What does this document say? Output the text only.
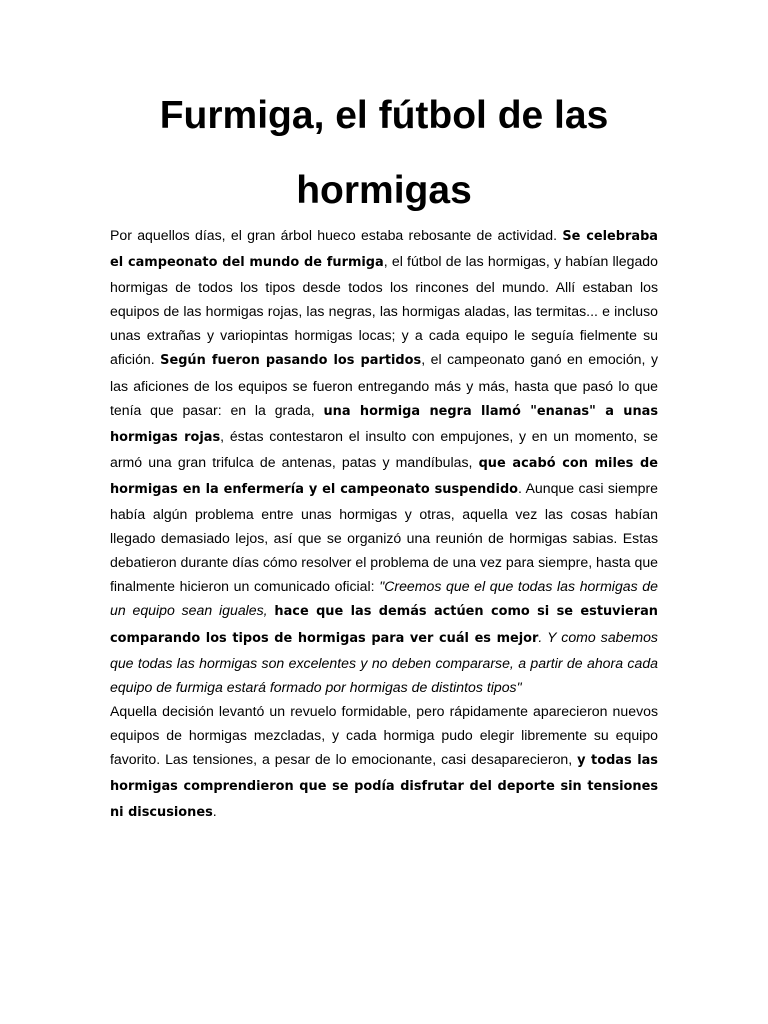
Furmiga, el fútbol de las hormigas

Por aquellos días, el gran árbol hueco estaba rebosante de actividad. Se celebraba el campeonato del mundo de furmiga, el fútbol de las hormigas, y habían llegado hormigas de todos los tipos desde todos los rincones del mundo. Allí estaban los equipos de las hormigas rojas, las negras, las hormigas aladas, las termitas... e incluso unas extrañas y variopintas hormigas locas; y a cada equipo le seguía fielmente su afición. Según fueron pasando los partidos, el campeonato ganó en emoción, y las aficiones de los equipos se fueron entregando más y más, hasta que pasó lo que tenía que pasar: en la grada, una hormiga negra llamó "enanas" a unas hormigas rojas, éstas contestaron el insulto con empujones, y en un momento, se armó una gran trifulca de antenas, patas y mandíbulas, que acabó con miles de hormigas en la enfermería y el campeonato suspendido. Aunque casi siempre había algún problema entre unas hormigas y otras, aquella vez las cosas habían llegado demasiado lejos, así que se organizó una reunión de hormigas sabias. Estas debatieron durante días cómo resolver el problema de una vez para siempre, hasta que finalmente hicieron un comunicado oficial: "Creemos que el que todas las hormigas de un equipo sean iguales, hace que las demás actúen como si se estuvieran comparando los tipos de hormigas para ver cuál es mejor. Y como sabemos que todas las hormigas son excelentes y no deben compararse, a partir de ahora cada equipo de furmiga estará formado por hormigas de distintos tipos"

Aquella decisión levantó un revuelo formidable, pero rápidamente aparecieron nuevos equipos de hormigas mezcladas, y cada hormiga pudo elegir libremente su equipo favorito. Las tensiones, a pesar de lo emocionante, casi desaparecieron, y todas las hormigas comprendieron que se podía disfrutar del deporte sin tensiones ni discusiones.
